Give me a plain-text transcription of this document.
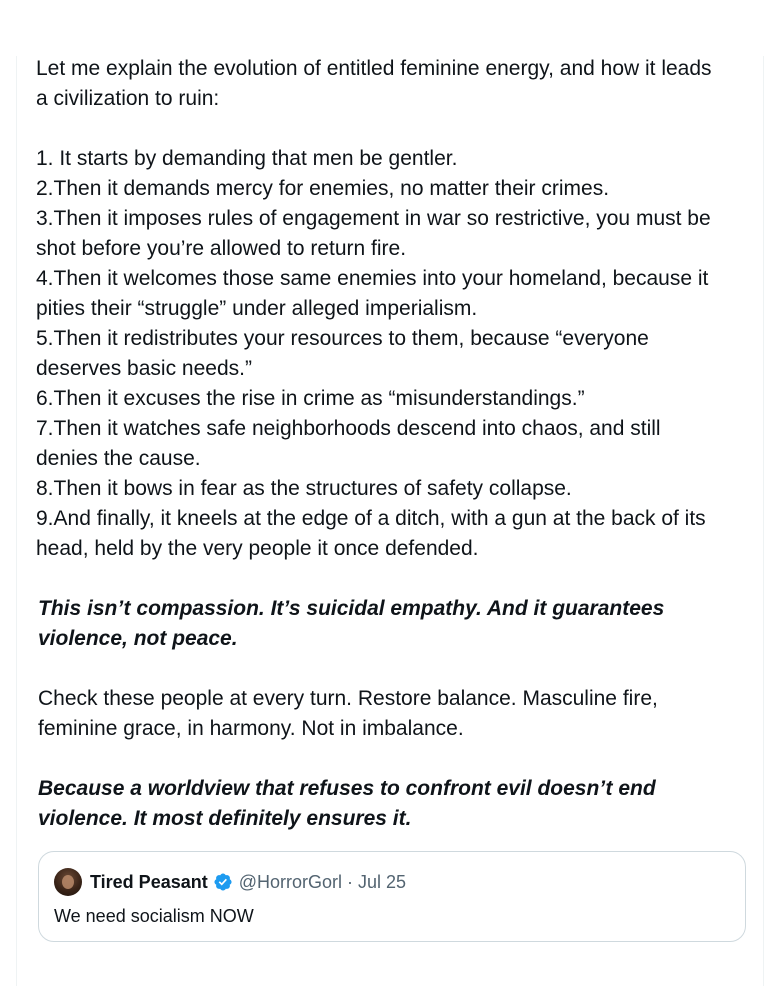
Let me explain the evolution of entitled feminine energy, and how it leads
a civilization to ruin:
1. It starts by demanding that men be gentler.
2.Then it demands mercy for enemies, no matter their crimes.
3.Then it imposes rules of engagement in war so restrictive, you must be
shot before you’re allowed to return fire.
4.Then it welcomes those same enemies into your homeland, because it
pities their “struggle” under alleged imperialism.
5.Then it redistributes your resources to them, because “everyone
deserves basic needs.”
6.Then it excuses the rise in crime as “misunderstandings.”
7.Then it watches safe neighborhoods descend into chaos, and still
denies the cause.
8.Then it bows in fear as the structures of safety collapse.
9.And finally, it kneels at the edge of a ditch, with a gun at the back of its
head, held by the very people it once defended.
This isn’t compassion. It’s suicidal empathy. And it guarantees
violence, not peace.
Check these people at every turn. Restore balance. Masculine fire,
feminine grace, in harmony. Not in imbalance.
Because a worldview that refuses to confront evil doesn’t end
violence. It most definitely ensures it.
Tired Peasant @HorrorGorl · Jul 25
We need socialism NOW
